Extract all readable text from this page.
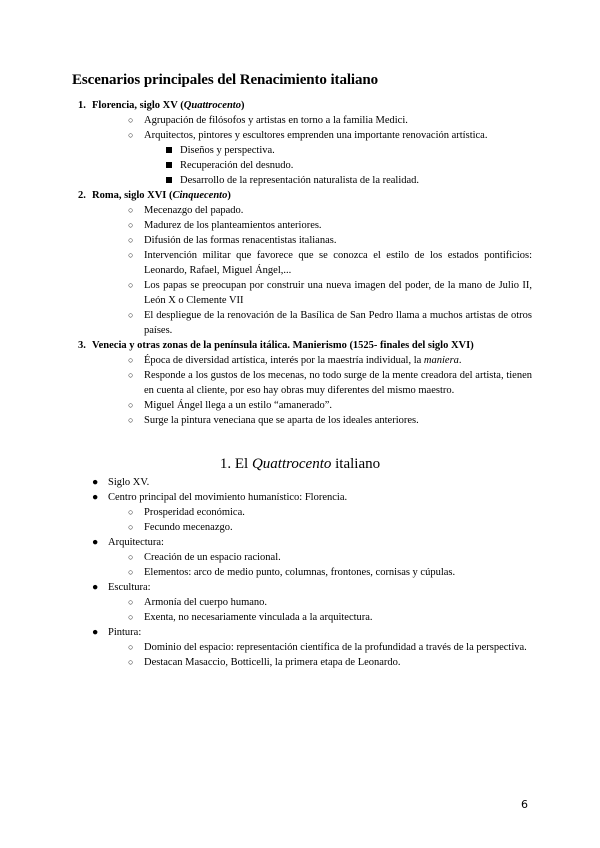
Escenarios principales del Renacimiento italiano
1. Florencia, siglo XV (Quattrocento)
○ Agrupación de filósofos y artistas en torno a la familia Medici.
○ Arquitectos, pintores y escultores emprenden una importante renovación artística.
Diseños y perspectiva.
Recuperación del desnudo.
Desarrollo de la representación naturalista de la realidad.
2. Roma, siglo XVI (Cinquecento)
○ Mecenazgo del papado.
○ Madurez de los planteamientos anteriores.
○ Difusión de las formas renacentistas italianas.
○ Intervención militar que favorece que se conozca el estilo de los estados pontificios: Leonardo, Rafael, Miguel Ángel,...
○ Los papas se preocupan por construir una nueva imagen del poder, de la mano de Julio II, León X o Clemente VII
○ El despliegue de la renovación de la Basílica de San Pedro llama a muchos artistas de otros países.
3. Venecia y otras zonas de la península itálica. Manierismo (1525- finales del siglo XVI)
○ Época de diversidad artística, interés por la maestría individual, la maniera.
○ Responde a los gustos de los mecenas, no todo surge de la mente creadora del artista, tienen en cuenta al cliente, por eso hay obras muy diferentes del mismo maestro.
○ Miguel Ángel llega a un estilo “amanerado”.
○ Surge la pintura veneciana que se aparta de los ideales anteriores.
1. El Quattrocento italiano
● Siglo XV.
● Centro principal del movimiento humanístico: Florencia.
○ Prosperidad económica.
○ Fecundo mecenazgo.
● Arquitectura:
○ Creación de un espacio racional.
○ Elementos: arco de medio punto, columnas, frontones, cornisas y cúpulas.
● Escultura:
○ Armonía del cuerpo humano.
○ Exenta, no necesariamente vinculada a la arquitectura.
● Pintura:
○ Dominio del espacio: representación científica de la profundidad a través de la perspectiva.
○ Destacan Masaccio, Botticelli, la primera etapa de Leonardo.
6
